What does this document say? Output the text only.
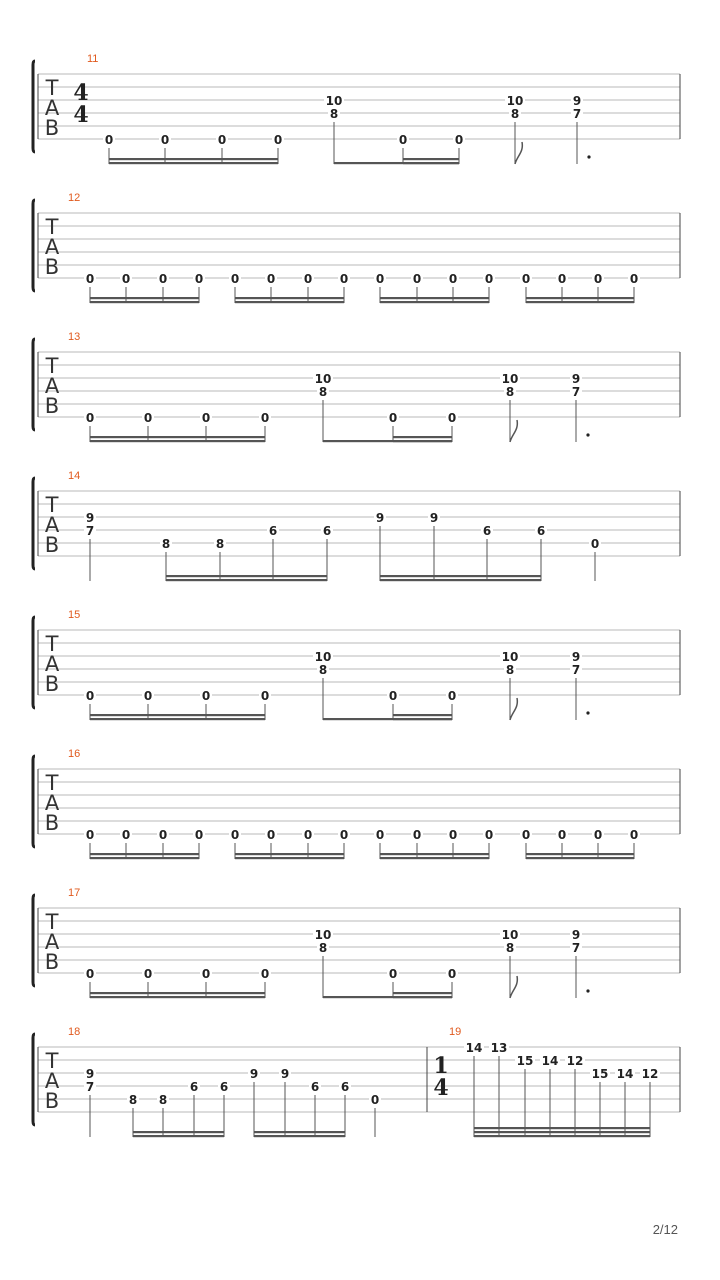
T
A
B
11
4
4
0	0	0	0
8
10
0	0
8
10
7
9
T
A
B
12
0 0 0 0 0 0 0 0 0 0 0 0 0 0 0 0
T
A
B
13
0	0	0	0
8
10
0	0
8
10
7
9
T
A
B
14
7
9
8	8
6	6
9	9
6	6
0
T
A
B
15
0	0	0	0
8
10
0	0
8
10
7
9
T
A
B
16
0 0 0 0 0 0 0 0 0 0 0 0 0 0 0 0
T
A
B
17
0	0	0	0
8
10
0	0
8
10
7
9
T
A
B
18
7
9
8 8
6 6
9 9
6 6
0
19
1
4
14 13
15 14 12
15 14 12
2/12
